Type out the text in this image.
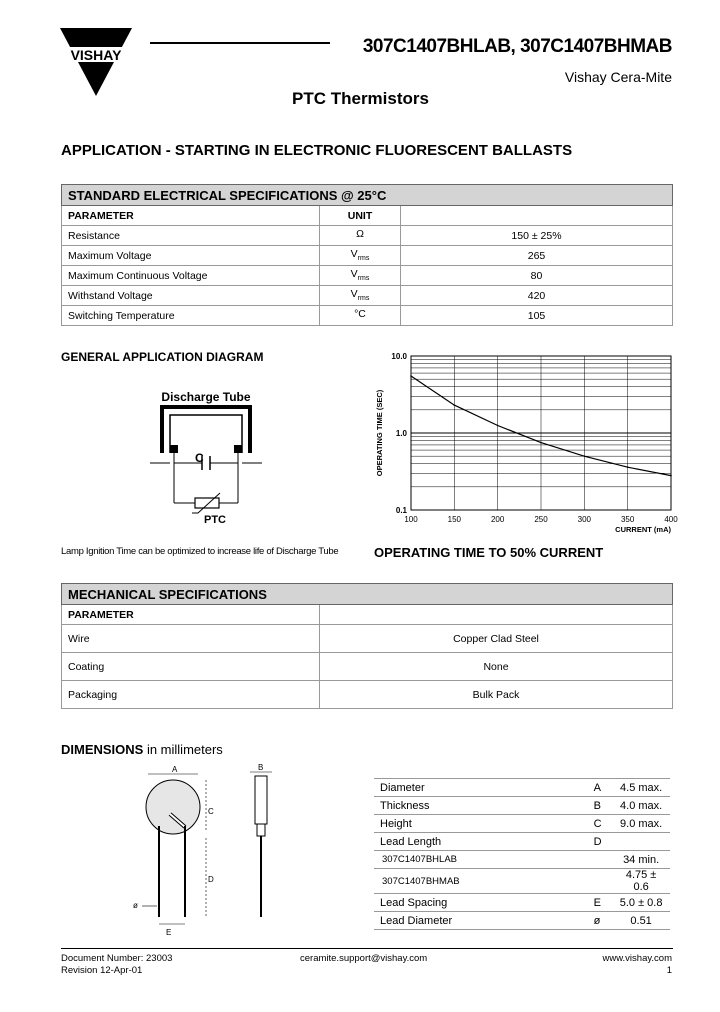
VISHAY	307C1407BHLAB, 307C1407BHMAB
Vishay Cera-Mite
PTC Thermistors
APPLICATION - STARTING IN ELECTRONIC FLUORESCENT BALLASTS
STANDARD ELECTRICAL SPECIFICATIONS @ 25°C		
PARAMETER	UNIT	
Resistance	Ω	150 ± 25%
Maximum Voltage	$V_{rms}$	265
Maximum Continuous Voltage	$V_{rms}$	80
Withstand Voltage	$V_{rms}$	420
Switching Temperature	°C	105
GENERAL APPLICATION DIAGRAM
Discharge Tube
C
PTC
Lamp Ignition Time can be optimized to increase life of Discharge Tube
100	150	200	250	300	350	400
10.0
1.0
0.1
CURRENT (mA)
OPERATING TIME (SEC)
OPERATING TIME TO 50% CURRENT
MECHANICAL SPECIFICATIONS	
PARAMETER	
Wire	Copper Clad Steel
Coating	None
Packaging	Bulk Pack
DIMENSIONS in millimeters
A
C
D
E
ø
B
Diameter	A	4.5 max.
Thickness	B	4.0 max.
Height	C	9.0 max.
Lead Length	D	
307C1407BHLAB		34 min.
307C1407BHMAB		4.75 ± 0.6
Lead Spacing	E	5.0 ± 0.8
Lead Diameter	ø	0.51
Document Number: 23003
Revision 12-Apr-01
ceramite.support@vishay.com	www.vishay.com
1
